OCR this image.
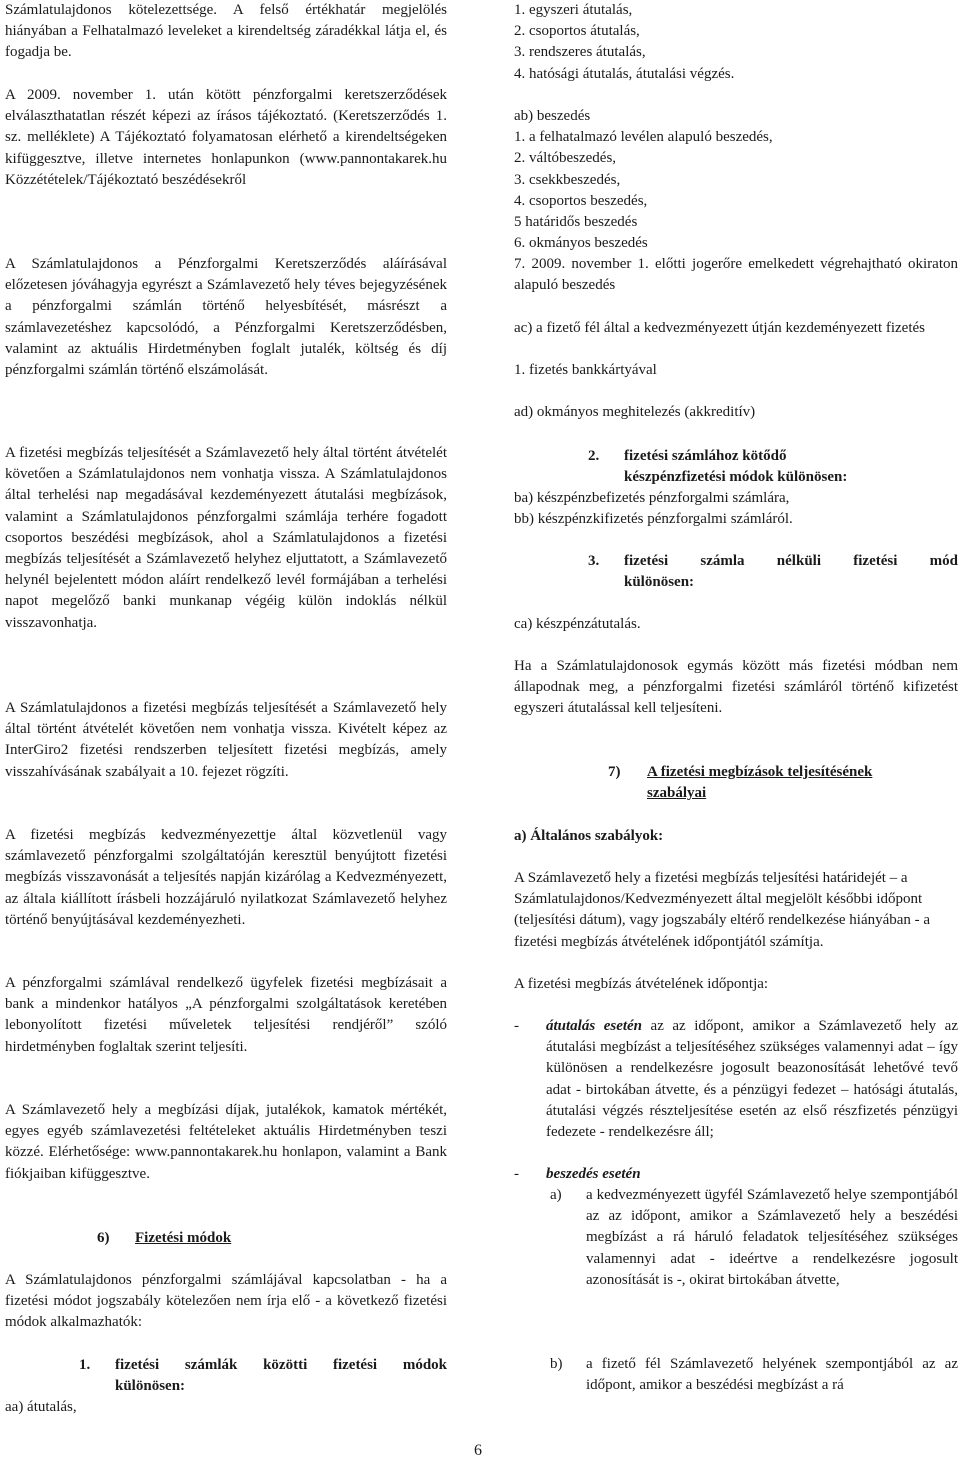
Számlatulajdonos kötelezettsége. A felső értékhatár megjelölés hiányában a Felhatalmazó leveleket a kirendeltség záradékkal látja el, és fogadja be.

A 2009. november 1. után kötött pénzforgalmi keretszerződések elválaszthatatlan részét képezi az írásos tájékoztató. (Keretszerződés 1. sz. melléklete) A Tájékoztató folyamatosan elérhető a kirendeltségeken kifüggesztve, illetve internetes honlapunkon (www.pannontakarek.hu Közzétételek/Tájékoztató beszédésekről

A Számlatulajdonos a Pénzforgalmi Keretszerződés aláírásával előzetesen jóváhagyja egyrészt a Számlavezető hely téves bejegyzésének a pénzforgalmi számlán történő helyesbítését, másrészt a számlavezetéshez kapcsolódó, a Pénzforgalmi Keretszerződésben, valamint az aktuális Hirdetményben foglalt jutalék, költség és díj pénzforgalmi számlán történő elszámolását.

A fizetési megbízás teljesítését a Számlavezető hely által történt átvételét követően a Számlatulajdonos nem vonhatja vissza. A Számlatulajdonos által terhelési nap megadásával kezdeményezett átutalási megbízások, valamint a Számlatulajdonos pénzforgalmi számlája terhére fogadott csoportos beszédési megbízások, ahol a Számlatulajdonos a fizetési megbízás teljesítését a Számlavezető helyhez eljuttatott, a Számlavezető helynél bejelentett módon aláírt rendelkező levél formájában a terhelési napot megelőző banki munkanap végéig külön indoklás nélkül visszavonhatja.

A Számlatulajdonos a fizetési megbízás teljesítését a Számlavezető hely által történt átvételét követően nem vonhatja vissza. Kivételt képez az InterGiro2 fizetési rendszerben teljesített fizetési megbízás, amely visszahívásának szabályait a 10. fejezet rögzíti.

A fizetési megbízás kedvezményezettje által közvetlenül vagy számlavezető pénzforgalmi szolgáltatóján keresztül benyújtott fizetési megbízás visszavonását a teljesítés napján kizárólag a Kedvezményezett, az általa kiállított írásbeli hozzájáruló nyilatkozat Számlavezető helyhez történő benyújtásával kezdeményezheti.

A pénzforgalmi számlával rendelkező ügyfelek fizetési megbízásait a bank a mindenkor hatályos „A pénzforgalmi szolgáltatások keretében lebonyolított fizetési műveletek teljesítési rendjéről” szóló hirdetményben foglaltak szerint teljesíti.

A Számlavezető hely a megbízási díjak, jutalékok, kamatok mértékét, egyes egyéb számlavezetési feltételeket aktuális Hirdetményben teszi közzé. Elérhetősége: www.pannontakarek.hu honlapon, valamint a Bank fiókjaiban kifüggesztve.

6) Fizetési módok

A Számlatulajdonos pénzforgalmi számlájával kapcsolatban - ha a fizetési módot jogszabály kötelezően nem írja elő - a következő fizetési módok alkalmazhatók:

1. fizetési számlák közötti fizetési módok
különösen:

aa) átutalás,

1. egyszeri átutalás,
2. csoportos átutalás,
3. rendszeres átutalás,
4. hatósági átutalás, átutalási végzés.
ab) beszedés
1. a felhatalmazó levélen alapuló beszedés,
2. váltóbeszedés,
3. csekkbeszedés,
4. csoportos beszedés,
5 határidős beszedés
6. okmányos beszedés

7. 2009. november 1. előtti jogerőre emelkedett végrehajtható okiraton alapuló beszedés

ac) a fizető fél által a kedvezményezett útján kezdeményezett fizetés

1. fizetés bankkártyával

ad) okmányos meghitelezés (akkreditív)

2. fizetési számlához kötődő
készpénzfizetési módok különösen:

ba) készpénzbefizetés pénzforgalmi számlára,

bb) készpénzkifizetés pénzforgalmi számláról.

3. fizetési számla nélküli fizetési mód
különösen:

ca) készpénzátutalás.

Ha a Számlatulajdonosok egymás között más fizetési módban nem állapodnak meg, a pénzforgalmi fizetési számláról történő kifizetést egyszeri átutalással kell teljesíteni.

7) A fizetési megbízások teljesítésének
szabályai

a) Általános szabályok:

A Számlavezető hely a fizetési megbízás teljesítési határidejét – a Számlatulajdonos/Kedvezményezett által megjelölt későbbi időpont (teljesítési dátum), vagy jogszabály eltérő rendelkezése hiányában - a fizetési megbízás átvételének időpontjától számítja.

A fizetési megbízás átvételének időpontja:

-	átutalás esetén az az időpont, amikor a Számlavezető hely az átutalási megbízást a teljesítéséhez szükséges valamennyi adat – így különösen a rendelkezésre jogosult beazonosítását lehetővé tevő adat - birtokában átvette, és a pénzügyi fedezet – hatósági átutalás, átutalási végzés részteljesítése esetén az első részfizetés pénzügyi fedezete - rendelkezésre áll;
-	beszedés esetén
a) a kedvezményezett ügyfél Számlavezető helye szempontjából az az időpont, amikor a Számlavezető hely a beszédési megbízást a rá háruló feladatok teljesítéséhez szükséges valamennyi adat - ideértve a rendelkezésre jogosult azonosítását is -, okirat birtokában átvette,
b) a fizető fél Számlavezető helyének szempontjából az az időpont, amikor a beszédési megbízást a rá
6
